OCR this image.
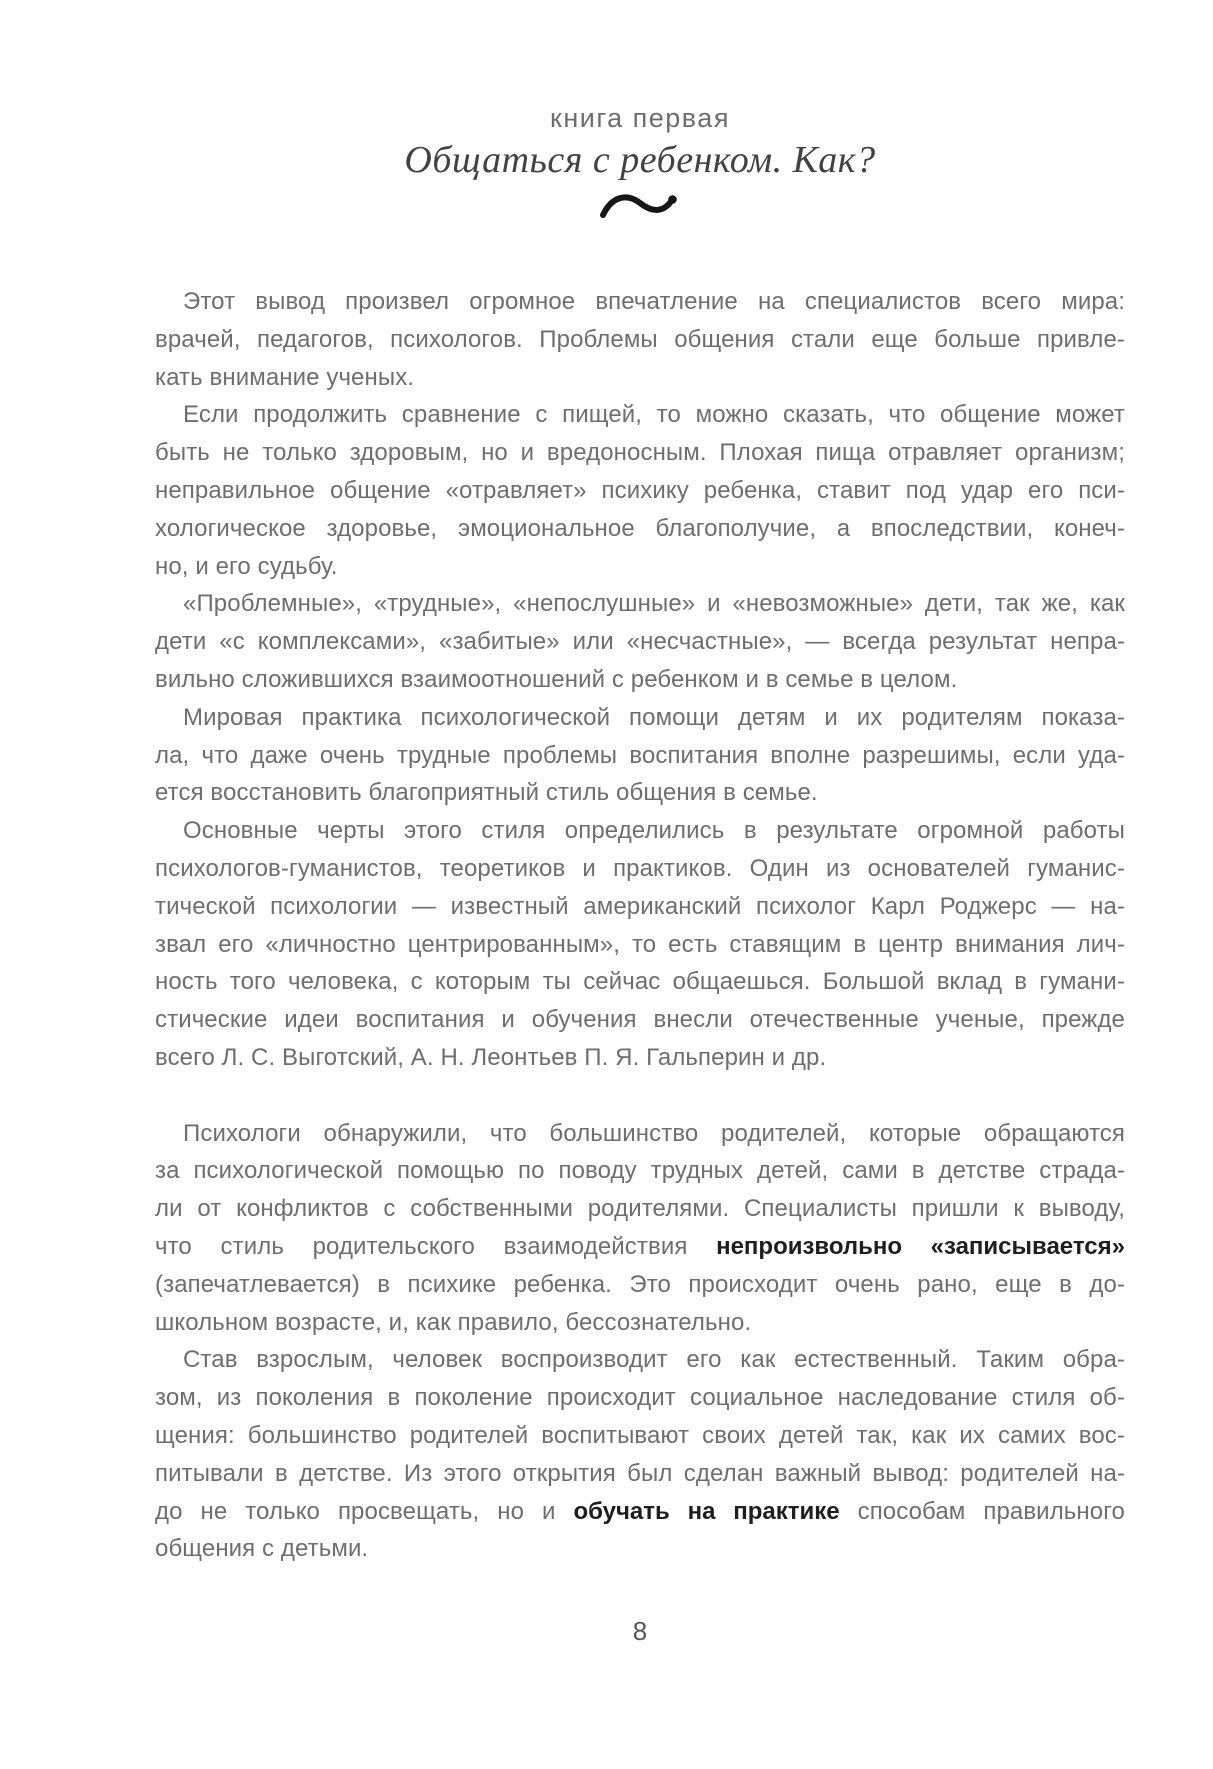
книга первая
Общаться с ребенком. Как?
Этот вывод произвел огромное впечатление на специалистов всего мира:
врачей, педагогов, психологов. Проблемы общения стали еще больше привле-
кать внимание ученых.
Если продолжить сравнение с пищей, то можно сказать, что общение может
быть не только здоровым, но и вредоносным. Плохая пища отравляет организм;
неправильное общение «отравляет» психику ребенка, ставит под удар его пси-
хологическое здоровье, эмоциональное благополучие, а впоследствии, конеч-
но, и его судьбу.
«Проблемные», «трудные», «непослушные» и «невозможные» дети, так же, как
дети «с комплексами», «забитые» или «несчастные», — всегда результат непра-
вильно сложившихся взаимоотношений с ребенком и в семье в целом.
Мировая практика психологической помощи детям и их родителям показа-
ла, что даже очень трудные проблемы воспитания вполне разрешимы, если уда-
ется восстановить благоприятный стиль общения в семье.
Основные черты этого стиля определились в результате огромной работы
психологов-гуманистов, теоретиков и практиков. Один из основателей гуманис-
тической психологии — известный американский психолог Карл Роджерс — на-
звал его «личностно центрированным», то есть ставящим в центр внимания лич-
ность того человека, с которым ты сейчас общаешься. Большой вклад в гумани-
стические идеи воспитания и обучения внесли отечественные ученые, прежде
всего Л. С. Выготский, А. Н. Леонтьев П. Я. Гальперин и др.
Психологи обнаружили, что большинство родителей, которые обращаются
за психологической помощью по поводу трудных детей, сами в детстве страда-
ли от конфликтов с собственными родителями. Специалисты пришли к выводу,
что стиль родительского взаимодействия непроизвольно «записывается»
(запечатлевается) в психике ребенка. Это происходит очень рано, еще в до-
школьном возрасте, и, как правило, бессознательно.
Став взрослым, человек воспроизводит его как естественный. Таким обра-
зом, из поколения в поколение происходит социальное наследование стиля об-
щения: большинство родителей воспитывают своих детей так, как их самих вос-
питывали в детстве. Из этого открытия был сделан важный вывод: родителей на-
до не только просвещать, но и обучать на практике способам правильного
общения с детьми.
8
